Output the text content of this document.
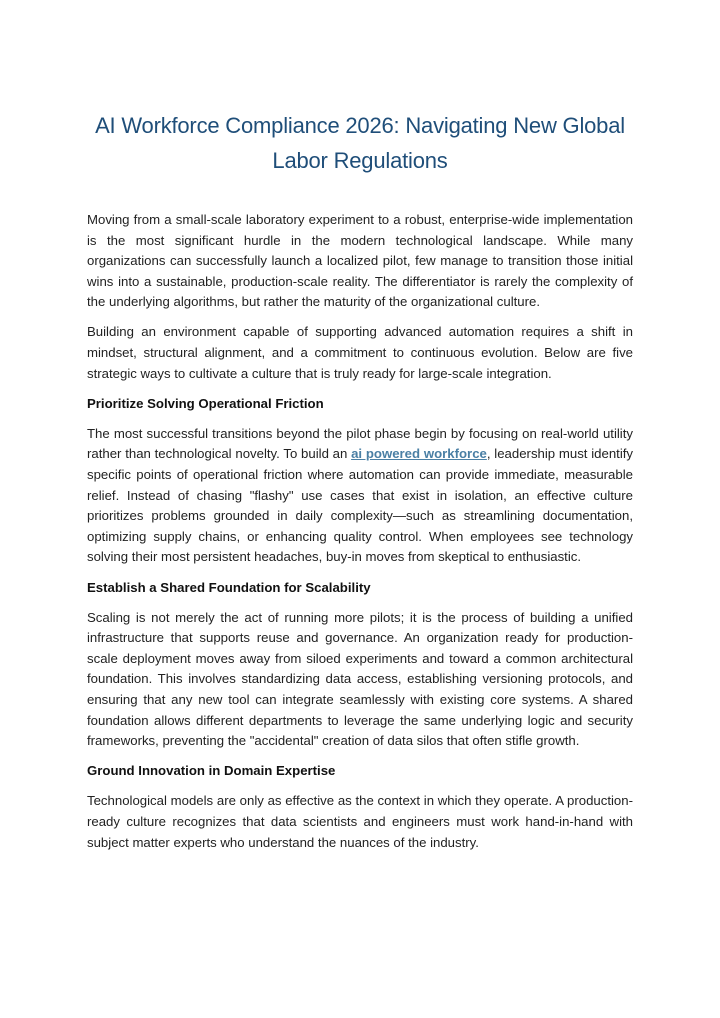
AI Workforce Compliance 2026: Navigating New Global Labor Regulations

Moving from a small-scale laboratory experiment to a robust, enterprise-wide implementation is the most significant hurdle in the modern technological landscape. While many organizations can successfully launch a localized pilot, few manage to transition those initial wins into a sustainable, production-scale reality. The differentiator is rarely the complexity of the underlying algorithms, but rather the maturity of the organizational culture.

Building an environment capable of supporting advanced automation requires a shift in mindset, structural alignment, and a commitment to continuous evolution. Below are five strategic ways to cultivate a culture that is truly ready for large-scale integration.

Prioritize Solving Operational Friction

The most successful transitions beyond the pilot phase begin by focusing on real-world utility rather than technological novelty. To build an ai powered workforce, leadership must identify specific points of operational friction where automation can provide immediate, measurable relief. Instead of chasing "flashy" use cases that exist in isolation, an effective culture prioritizes problems grounded in daily complexity—such as streamlining documentation, optimizing supply chains, or enhancing quality control. When employees see technology solving their most persistent headaches, buy-in moves from skeptical to enthusiastic.

Establish a Shared Foundation for Scalability

Scaling is not merely the act of running more pilots; it is the process of building a unified infrastructure that supports reuse and governance. An organization ready for production-scale deployment moves away from siloed experiments and toward a common architectural foundation. This involves standardizing data access, establishing versioning protocols, and ensuring that any new tool can integrate seamlessly with existing core systems. A shared foundation allows different departments to leverage the same underlying logic and security frameworks, preventing the "accidental" creation of data silos that often stifle growth.

Ground Innovation in Domain Expertise

Technological models are only as effective as the context in which they operate. A production-ready culture recognizes that data scientists and engineers must work hand-in-hand with subject matter experts who understand the nuances of the industry.
